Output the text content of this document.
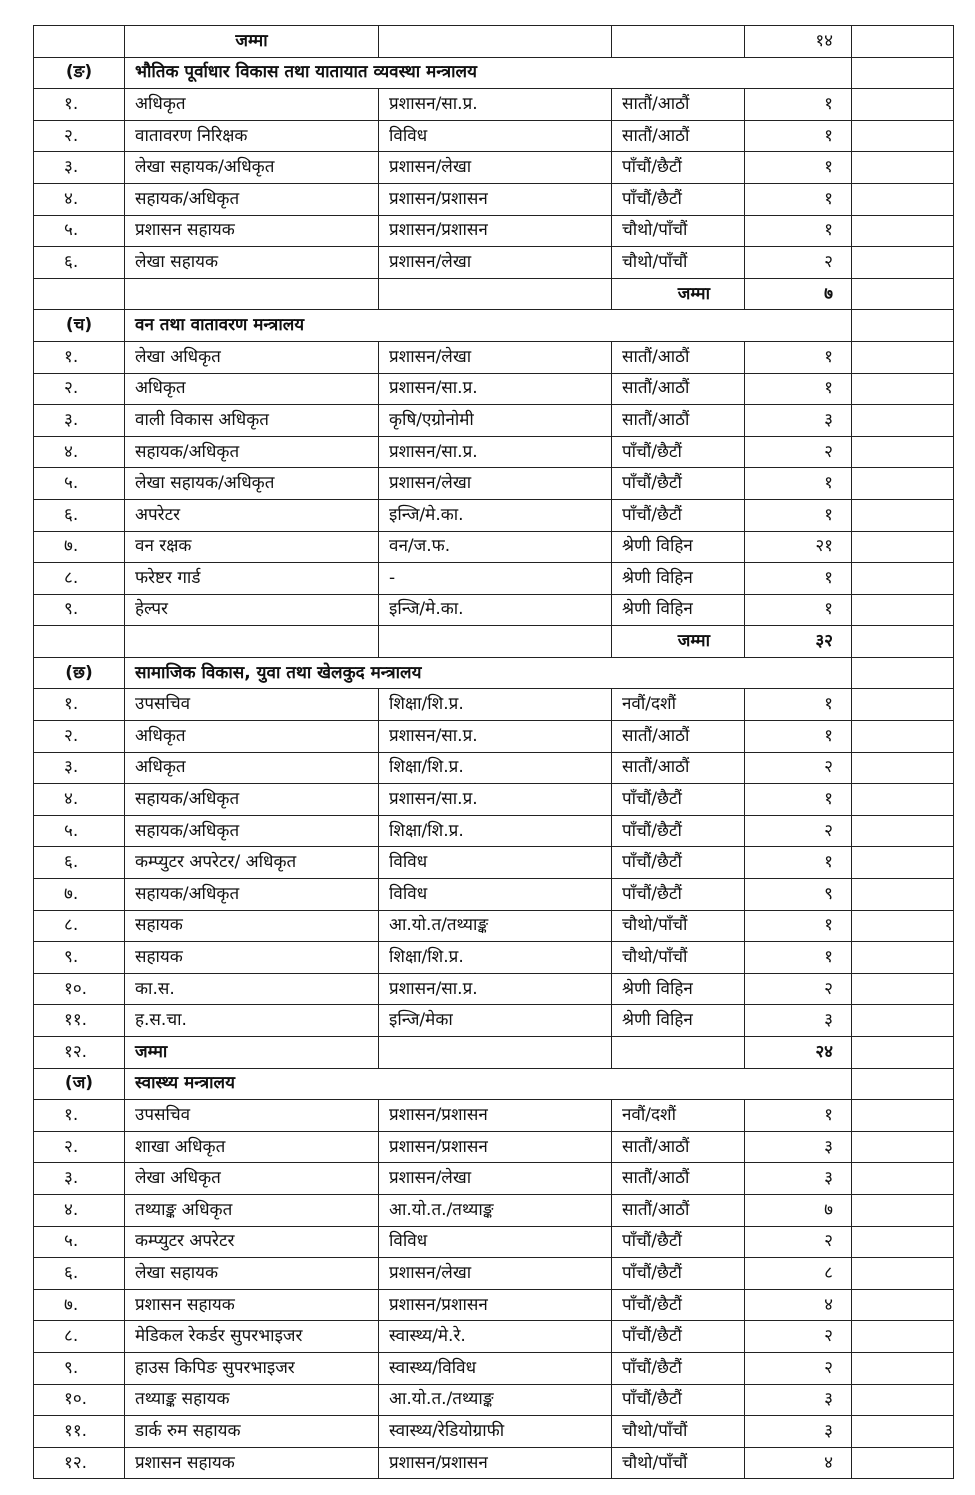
	जम्मा			१४	
(ङ)	भौतिक पूर्वाधार विकास तथा यातायात व्यवस्था मन्त्रालय				
१.	अधिकृत	प्रशासन/सा.प्र.	सातौं/आठौं	१	
२.	वातावरण निरिक्षक	विविध	सातौं/आठौं	१	
३.	लेखा सहायक/अधिकृत	प्रशासन/लेखा	पाँचौं/छैटौं	१	
४.	सहायक/अधिकृत	प्रशासन/प्रशासन	पाँचौं/छैटौं	१	
५.	प्रशासन सहायक	प्रशासन/प्रशासन	चौथो/पाँचौं	१	
६.	लेखा सहायक	प्रशासन/लेखा	चौथो/पाँचौं	२	
			जम्मा	७	
(च)	वन तथा वातावरण मन्त्रालय				
१.	लेखा अधिकृत	प्रशासन/लेखा	सातौं/आठौं	१	
२.	अधिकृत	प्रशासन/सा.प्र.	सातौं/आठौं	१	
३.	वाली विकास अधिकृत	कृषि/एग्रोनोमी	सातौं/आठौं	३	
४.	सहायक/अधिकृत	प्रशासन/सा.प्र.	पाँचौं/छैटौं	२	
५.	लेखा सहायक/अधिकृत	प्रशासन/लेखा	पाँचौं/छैटौं	१	
६.	अपरेटर	इन्जि/मे.का.	पाँचौं/छैटौं	१	
७.	वन रक्षक	वन/ज.फ.	श्रेणी विहिन	२१	
८.	फरेष्टर गार्ड	-	श्रेणी विहिन	१	
९.	हेल्पर	इन्जि/मे.का.	श्रेणी विहिन	१	
			जम्मा	३२	
(छ)	सामाजिक विकास, युवा तथा खेलकुद मन्त्रालय				
१.	उपसचिव	शिक्षा/शि.प्र.	नवौं/दशौं	१	
२.	अधिकृत	प्रशासन/सा.प्र.	सातौं/आठौं	१	
३.	अधिकृत	शिक्षा/शि.प्र.	सातौं/आठौं	२	
४.	सहायक/अधिकृत	प्रशासन/सा.प्र.	पाँचौं/छैटौं	१	
५.	सहायक/अधिकृत	शिक्षा/शि.प्र.	पाँचौं/छैटौं	२	
६.	कम्प्युटर अपरेटर/ अधिकृत	विविध	पाँचौं/छैटौं	१	
७.	सहायक/अधिकृत	विविध	पाँचौं/छैटौं	९	
८.	सहायक	आ.यो.त/तथ्याङ्क	चौथो/पाँचौं	१	
९.	सहायक	शिक्षा/शि.प्र.	चौथो/पाँचौं	१	
१०.	का.स.	प्रशासन/सा.प्र.	श्रेणी विहिन	२	
११.	ह.स.चा.	इन्जि/मेका	श्रेणी विहिन	३	
१२.	जम्मा			२४	
(ज)	स्वास्थ्य मन्त्रालय				
१.	उपसचिव	प्रशासन/प्रशासन	नवौं/दशौं	१	
२.	शाखा अधिकृत	प्रशासन/प्रशासन	सातौं/आठौं	३	
३.	लेखा अधिकृत	प्रशासन/लेखा	सातौं/आठौं	३	
४.	तथ्याङ्क अधिकृत	आ.यो.त./तथ्याङ्क	सातौं/आठौं	७	
५.	कम्प्युटर अपरेटर	विविध	पाँचौं/छैटौं	२	
६.	लेखा सहायक	प्रशासन/लेखा	पाँचौं/छैटौं	८	
७.	प्रशासन सहायक	प्रशासन/प्रशासन	पाँचौं/छैटौं	४	
८.	मेडिकल रेकर्डर सुपरभाइजर	स्वास्थ्य/मे.रे.	पाँचौं/छैटौं	२	
९.	हाउस किपिङ सुपरभाइजर	स्वास्थ्य/विविध	पाँचौं/छैटौं	२	
१०.	तथ्याङ्क सहायक	आ.यो.त./तथ्याङ्क	पाँचौं/छैटौं	३	
११.	डार्क रुम सहायक	स्वास्थ्य/रेडियोग्राफी	चौथो/पाँचौं	३	
१२.	प्रशासन सहायक	प्रशासन/प्रशासन	चौथो/पाँचौं	४	
